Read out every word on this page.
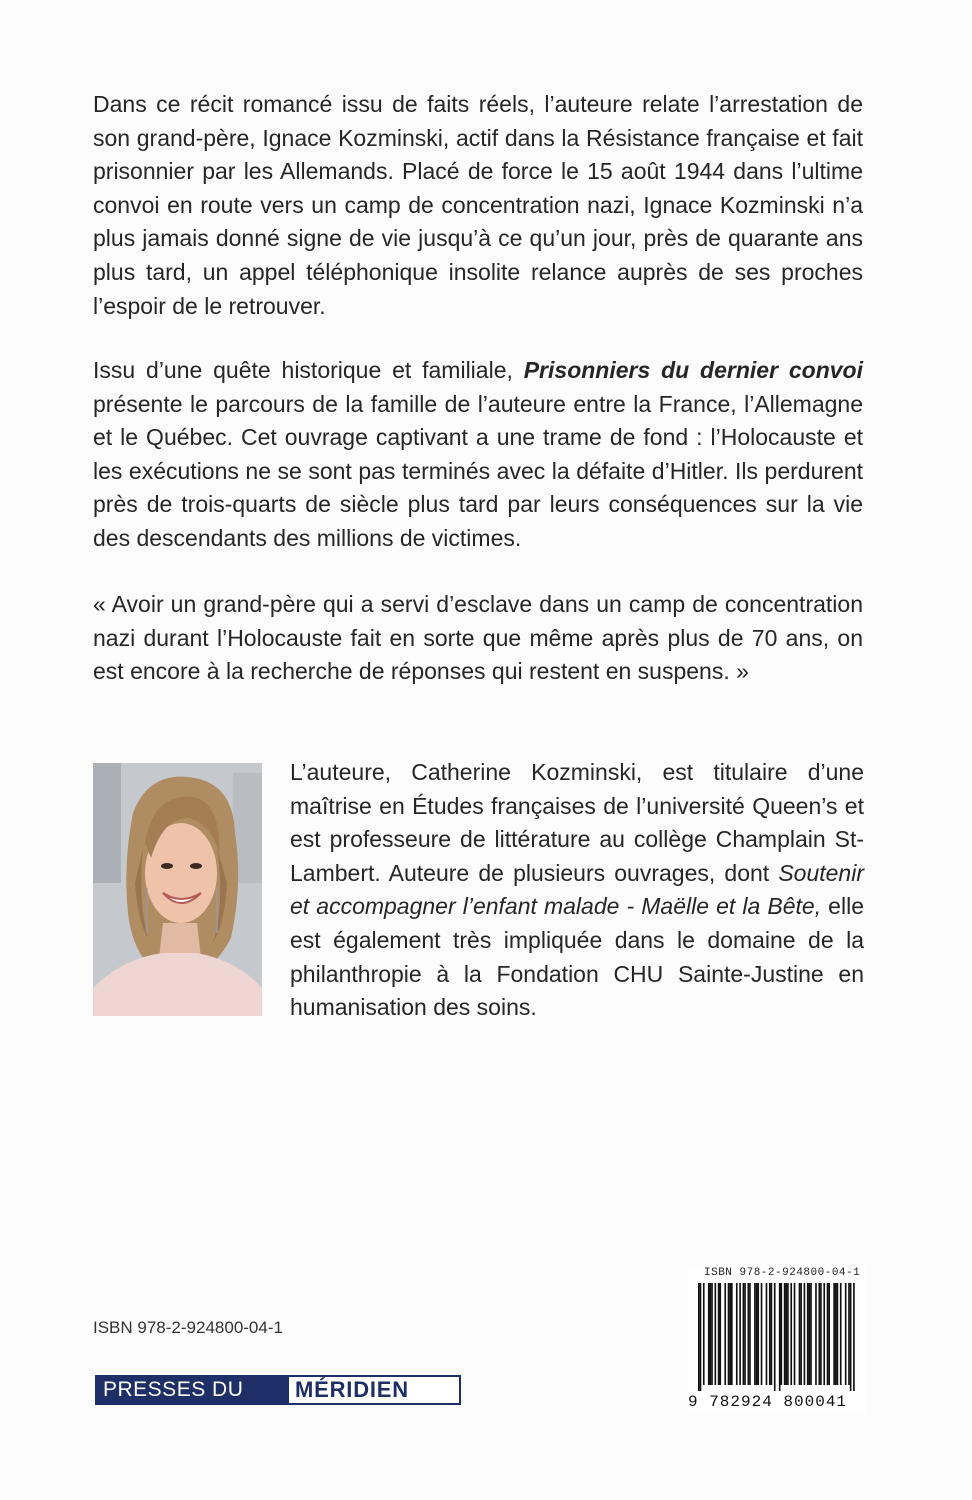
Dans ce récit romancé issu de faits réels, l’auteure relate l’arrestation de son grand-père, Ignace Kozminski, actif dans la Résistance française et fait prisonnier par les Allemands. Placé de force le 15 août 1944 dans l’ultime convoi en route vers un camp de concentration nazi, Ignace Kozminski n’a plus jamais donné signe de vie jusqu’à ce qu’un jour, près de quarante ans plus tard, un appel téléphonique insolite relance auprès de ses proches l’espoir de le retrouver.

Issu d’une quête historique et familiale, Prisonniers du dernier convoi présente le parcours de la famille de l’auteure entre la France, l’Allemagne et le Québec. Cet ouvrage captivant a une trame de fond : l’Holocauste et les exécutions ne se sont pas terminés avec la défaite d’Hitler. Ils perdurent près de trois-quarts de siècle plus tard par leurs conséquences sur la vie des descendants des millions de victimes.

« Avoir un grand-père qui a servi d’esclave dans un camp de concentration nazi durant l’Holocauste fait en sorte que même après plus de 70 ans, on est encore à la recherche de réponses qui restent en suspens. »

L’auteure, Catherine Kozminski, est titulaire d’une maîtrise en Études françaises de l’université Queen’s et est professeure de littérature au collège Champlain St-Lambert. Auteure de plusieurs ouvrages, dont Soutenir et accompagner l’enfant malade - Maëlle et la Bête, elle est également très impliquée dans le domaine de la philanthropie à la Fondation CHU Sainte-Justine en humanisation des soins.

ISBN 978-2-924800-04-1
PRESSES DU	MÉRIDIEN
ISBN 978-2-924800-04-1
9 782924 800041
